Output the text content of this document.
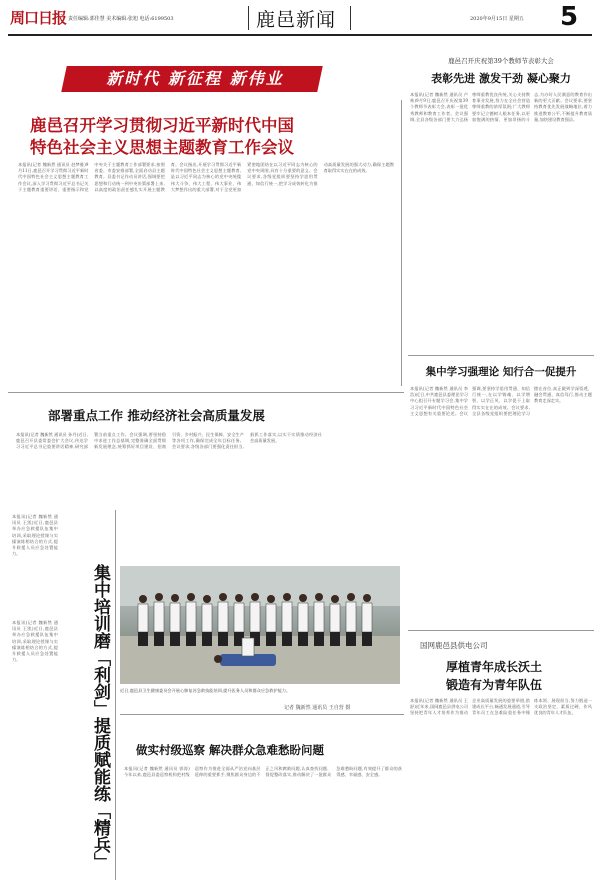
周口日报 责任编辑:郭佳慧 美术编辑:张旭 电话:6199503	鹿邑新闻	2020年9月15日 星期五 5
新时代 新征程 新伟业
鹿邑召开学习贯彻习近平新时代中国
特色社会主义思想主题教育工作会议
本报讯(记者 魏新然 通讯员 赵梦雅)9月11日,鹿邑召开学习贯彻习近平新时代中国特色社会主义思想主题教育工作会议,深入学习贯彻习近平总书记关于主题教育重要讲话、重要指示和党中央关于主题教育工作部署要求,按照省委、市委安排部署,全面启动县主题教育。县委书记作动员讲话,强调要把思想和行动统一到中央决策部署上来,以高度的政治责任感扎实开展主题教育。会议指出,开展学习贯彻习近平新时代中国特色社会主义思想主题教育,是以习近平同志为核心的党中央统揽伟大斗争、伟大工程、伟大事业、伟大梦想作出的重大部署,对于全党更加紧密地团结在以习近平同志为核心的党中央周围,具有十分重要的意义。会议要求,各级党组织要坚持学思用贯通、知信行统一,把学习成效转化为推动高质量发展的强大动力,确保主题教育取得实实在在的成效。
鹿邑召开庆祝第39个教师节表彰大会
表彰先进 激发干劲 凝心聚力
本报讯(记者 魏新然 通讯员 卢林)9月9日,鹿邑召开庆祝第39个教师节表彰大会,表彰一批优秀教师和教育工作者。会议强调,全县各级各部门要大力弘扬尊师重教优良传统,关心支持教育事业发展,努力在全社会营造尊师重教的浓厚氛围;广大教师要牢记立德树人根本任务,以更加饱满的热情、更加昂扬的斗志,为办好人民满意的教育作出新的更大贡献。会议要求,要坚持教育优先发展战略地位,着力推进教育公平,不断提升教育质量,加快建设教育强县。
集中学习强理论 知行合一促提升
本报讯(记者 魏新然 通讯员 李浩)近日,中共鹿邑县委理论学习中心组召开专题学习会,集中学习习近平新时代中国特色社会主义思想有关重要论述。会议强调,要坚持学思用贯通、知信行统一,在以学铸魂、以学增智、以学正风、以学促干上取得实实在在的成效。会议要求,全县各级党组织要把理论学习摆在首位,真正做到学深悟透、融会贯通、真信笃行,推动主题教育走深走实。
部署重点工作 推动经济社会高质量发展
本报讯(记者 魏新然 通讯员 孙丹)近日,鹿邑召开县委常委会扩大会议,传达学习习近平总书记重要讲话精神,研究部署当前重点工作。会议强调,要坚持稳中求进工作总基调,完整准确全面贯彻新发展理念,统筹抓好项目建设、招商引资、乡村振兴、民生保障、安全生产等各项工作,确保完成全年目标任务。会议要求,各级各部门要强化责任担当,狠抓工作落实,以实干实绩推动经济社会高质量发展。
本报讯(记者 魏新然 通讯员 王凯)近日,鹿邑县举办应急救援队伍集中培训,采取理论授课与实操演练相结合的方式,提升救援人员应急处置能力。
集中培训磨「利剑」提质赋能练「精兵」
本报讯(记者 魏新然 通讯员 王凯)近日,鹿邑县举办应急救援队伍集中培训,采取理论授课与实操演练相结合的方式,提升救援人员应急处置能力。
近日,鹿邑县卫生健康委员会开展心肺复苏急救技能培训,提升医务人员和群众应急救护能力。
记者 魏新然 通讯员 王自营 摄
做实村级巡察 解决群众急难愁盼问题
本报讯(记者 魏新然 通讯员 郭涛)今年以来,鹿邑县委巡察机构把村级巡察作为推进全面从严治党向基层延伸的重要抓手,聚焦群众身边的不正之风和腐败问题,认真查找问题、督促整改落实,推动解决了一批群众急难愁盼问题,有效提升了群众的获得感、幸福感、安全感。
国网鹿邑县供电公司
厚植青年成长沃土
锻造有为青年队伍
本报讯(记者 魏新然 通讯员 王舒)近年来,国网鹿邑县供电公司坚持把青年人才培养作为推动企业高质量发展的重要举措,搭建成长平台,畅通发展通道,引导青年员工在急难险重任务中锤炼本领、展现担当,努力锻造一支政治坚定、素质过硬、作风优良的青年人才队伍。
